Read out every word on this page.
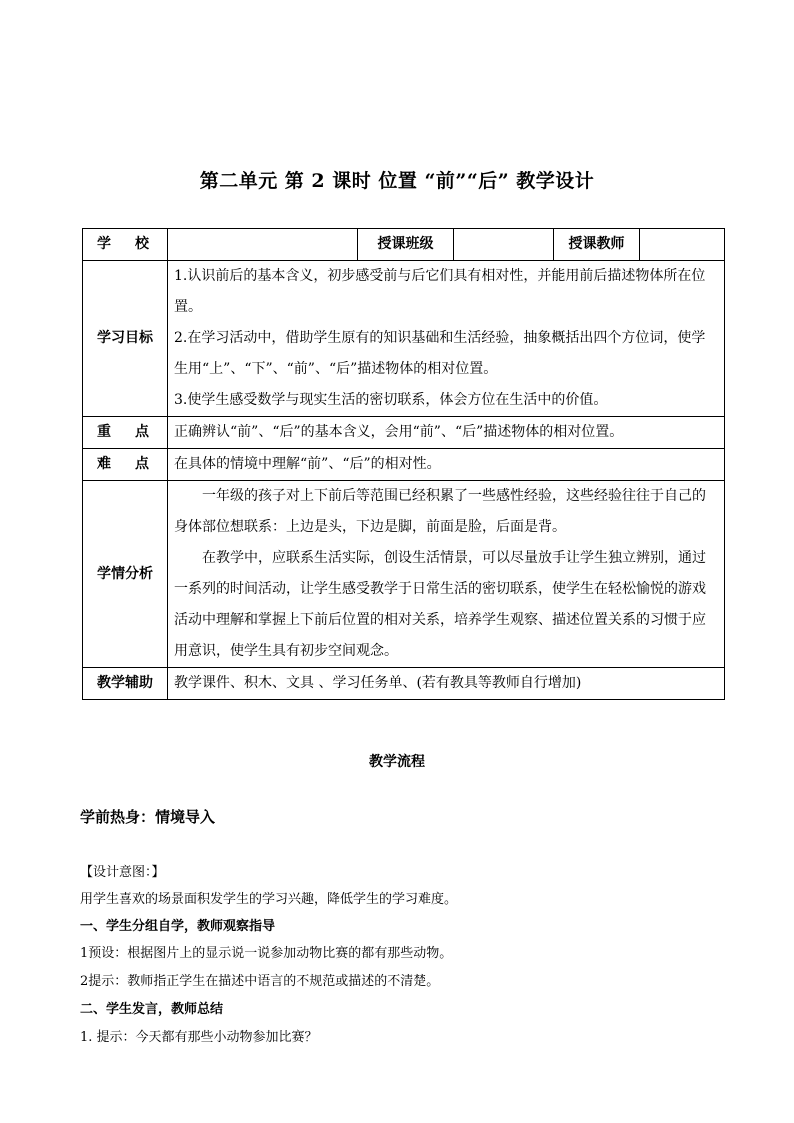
第二单元 第 2 课时 位置 “前”“后” 教学设计
学 校		授课班级		授课教师	
学习目标	1.认识前后的基本含义，初步感受前与后它们具有相对性，并能用前后描述物体所在位置。

2.在学习活动中，借助学生原有的知识基础和生活经验，抽象概括出四个方位词，使学生用“上”、“下”、“前”、“后”描述物体的相对位置。

3.使学生感受数学与现实生活的密切联系，体会方位在生活中的价值。				

重 点	正确辨认“前”、“后”的基本含义，会用“前”、“后”描述物体的相对位置。				

难 点	在具体的情境中理解“前”、“后”的相对性。				
学情分析	一年级的孩子对上下前后等范围已经积累了一些感性经验，这些经验往往于自己的身体部位想联系：上边是头，下边是脚，前面是脸，后面是背。

在教学中，应联系生活实际，创设生活情景，可以尽量放手让学生独立辨别，通过一系列的时间活动，让学生感受教学于日常生活的密切联系，使学生在轻松愉悦的游戏活动中理解和掌握上下前后位置的相对关系，培养学生观察、描述位置关系的习惯于应用意识，使学生具有初步空间观念。				

教学辅助	教学课件、积木、文具 、学习任务单、(若有教具等教师自行增加)				
教学流程
学前热身：情境导入
【设计意图：】
用学生喜欢的场景面积发学生的学习兴趣，降低学生的学习难度。
一、学生分组自学，教师观察指导
1预设：根据图片上的显示说一说参加动物比赛的都有那些动物。
2提示：教师指正学生在描述中语言的不规范或描述的不清楚。
二、学生发言，教师总结
1. 提示：今天都有那些小动物参加比赛？
